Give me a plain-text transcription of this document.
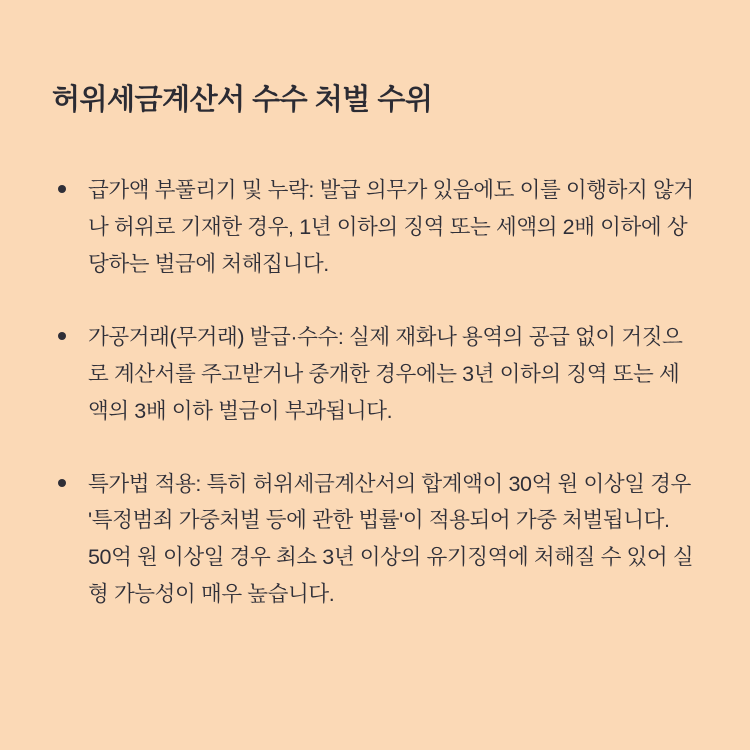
허위세금계산서 수수 처벌 수위
급가액 부풀리기 및 누락: 발급 의무가 있음에도 이를 이행하지 않거나 허위로 기재한 경우, 1년 이하의 징역 또는 세액의 2배 이하에 상당하는 벌금에 처해집니다.
가공거래(무거래) 발급·수수: 실제 재화나 용역의 공급 없이 거짓으로 계산서를 주고받거나 중개한 경우에는 3년 이하의 징역 또는 세액의 3배 이하 벌금이 부과됩니다.
특가법 적용: 특히 허위세금계산서의 합계액이 30억 원 이상일 경우 '특정범죄 가중처벌 등에 관한 법률'이 적용되어 가중 처벌됩니다. 50억 원 이상일 경우 최소 3년 이상의 유기징역에 처해질 수 있어 실형 가능성이 매우 높습니다.
